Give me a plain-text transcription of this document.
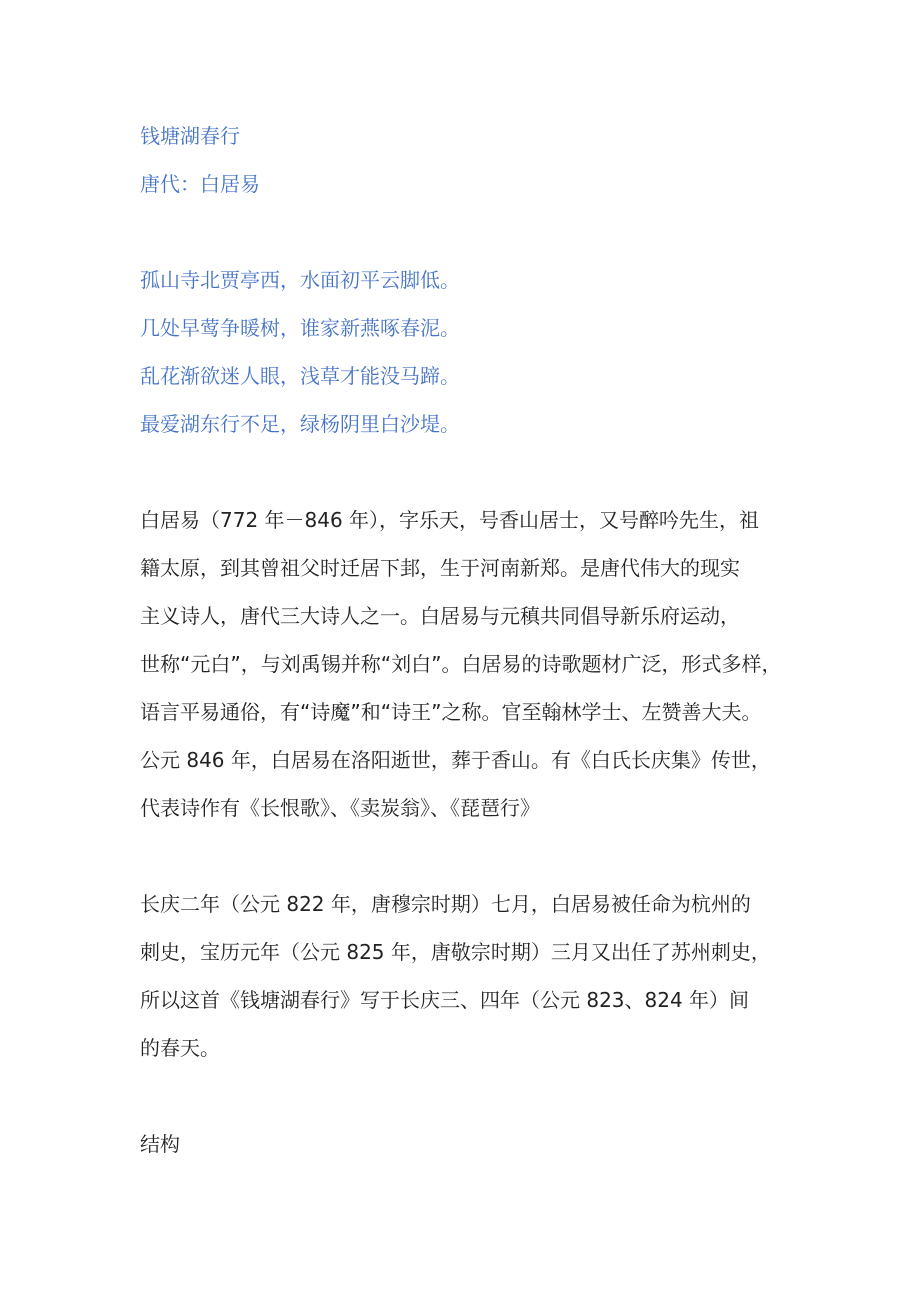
钱塘湖春行
唐代：白居易
孤山寺北贾亭西，水面初平云脚低。
几处早莺争暖树，谁家新燕啄春泥。
乱花渐欲迷人眼，浅草才能没马蹄。
最爱湖东行不足，绿杨阴里白沙堤。
白居易（772 年－846 年），字乐天，号香山居士，又号醉吟先生，祖
籍太原，到其曾祖父时迁居下邽，生于河南新郑。是唐代伟大的现实
主义诗人，唐代三大诗人之一。白居易与元稹共同倡导新乐府运动，
世称“元白”，与刘禹锡并称“刘白”。白居易的诗歌题材广泛，形式多样，
语言平易通俗，有“诗魔”和“诗王”之称。官至翰林学士、左赞善大夫。
公元 846 年，白居易在洛阳逝世，葬于香山。有《白氏长庆集》传世，
代表诗作有《长恨歌》、《卖炭翁》、《琵琶行》
长庆二年（公元 822 年，唐穆宗时期）七月，白居易被任命为杭州的
刺史，宝历元年（公元 825 年，唐敬宗时期）三月又出任了苏州刺史，
所以这首《钱塘湖春行》写于长庆三、四年（公元 823、824 年）间
的春天。
结构
